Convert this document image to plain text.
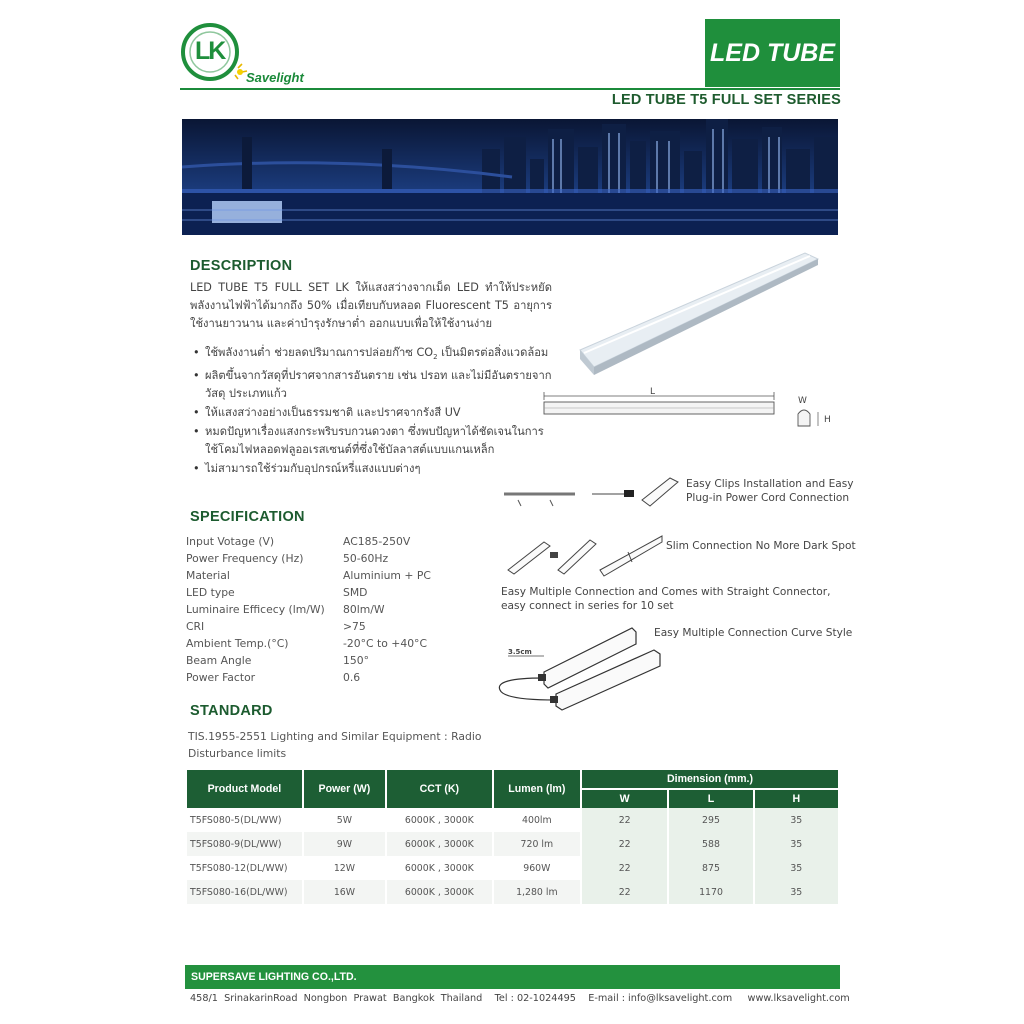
LK
Savelight
LED TUBE
LED TUBE T5 FULL SET SERIES
DESCRIPTION
LED TUBE T5 FULL SET LK ให้แสงสว่างจากเม็ด LED ทำให้ประหยัดพลังงานไฟฟ้าได้มากถึง 50% เมื่อเทียบกับหลอด Fluorescent T5 อายุการใช้งานยาวนาน และค่าบำรุงรักษาต่ำ ออกแบบเพื่อให้ใช้งานง่าย
• ใช้พลังงานต่ำ ช่วยลดปริมาณการปล่อยก๊าซ $CO_2$ เป็นมิตรต่อสิ่งแวดล้อม
• ผลิตขึ้นจากวัสดุที่ปราศจากสารอันตราย เช่น ปรอท และไม่มีอันตรายจากวัสดุ ประเภทแก้ว
• ให้แสงสว่างอย่างเป็นธรรมชาติ และปราศจากรังสี UV
• หมดปัญหาเรื่องแสงกระพริบรบกวนดวงตา ซึ่งพบปัญหาได้ชัดเจนในการใช้โคมไฟหลอดฟลูออเรสเซนต์ที่ซึ่งใช้บัลลาสต์แบบแกนเหล็ก
• ไม่สามารถใช้ร่วมกับอุปกรณ์หรี่แสงแบบต่างๆ
L
W
H
Easy Clips Installation and Easy
Plug-in Power Cord Connection
Slim Connection No More Dark Spot
Easy Multiple Connection and Comes with Straight Connector,
easy connect in series for 10 set
3.5cm
Easy Multiple Connection Curve Style
SPECIFICATION
Input Votage (V)	AC185-250V
Power Frequency (Hz)	50-60Hz
Material	Aluminium + PC
LED type	SMD
Luminaire Efficecy (lm/W)	80lm/W
CRI	>75
Ambient Temp.(°C)	-20°C to +40°C
Beam Angle	150°
Power Factor	0.6
STANDARD
TIS.1955-2551 Lighting and Similar Equipment : Radio Disturbance limits
Product Model	Power (W)	CCT (K)	Lumen (lm)	Dimension (mm.)		
				W	L	H
T5FS080-5(DL/WW)	5W	6000K , 3000K	400lm	22	295	35
T5FS080-9(DL/WW)	9W	6000K , 3000K	720 lm	22	588	35
T5FS080-12(DL/WW)	12W	6000K , 3000K	960W	22	875	35
T5FS080-16(DL/WW)	16W	6000K , 3000K	1,280 lm	22	1170	35
SUPERSAVE LIGHTING CO.,LTD.
458/1  SrinakarinRoad  Nongbon  Prawat  Bangkok  Thailand    Tel : 02-1024495    E-mail : info@lksavelight.com     www.lksavelight.com
